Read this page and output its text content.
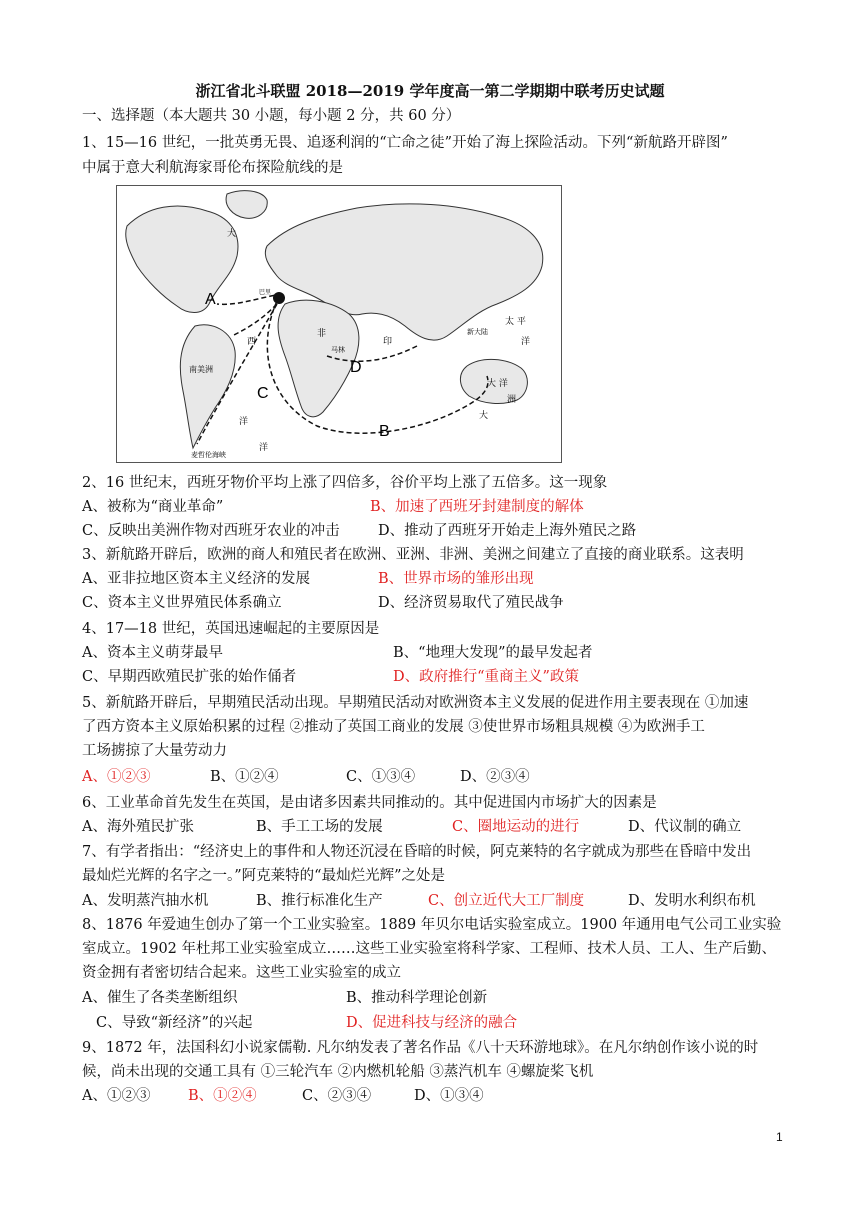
浙江省北斗联盟 2018—2019 学年度高一第二学期期中联考历史试题
一、选择题（本大题共 30 小题，每小题 2 分，共 60 分）
1、15—16 世纪，一批英勇无畏、追逐利润的“亡命之徒”开始了海上探险活动。下列“新航路开辟图”
中属于意大利航海家哥伦布探险航线的是
A
B
C
D
大
西
洋
南美洲
非
马林
印
太 平
洋
新大陆
大 洋
洲
大
洋
巴里
麦哲伦海峡
2、16 世纪末，西班牙物价平均上涨了四倍多，谷价平均上涨了五倍多。这一现象
A、被称为“商业革命”	B、加速了西班牙封建制度的解体
C、反映出美洲作物对西班牙农业的冲击	D、推动了西班牙开始走上海外殖民之路
3、新航路开辟后，欧洲的商人和殖民者在欧洲、亚洲、非洲、美洲之间建立了直接的商业联系。这表明
A、亚非拉地区资本主义经济的发展	B、世界市场的雏形出现
C、资本主义世界殖民体系确立	D、经济贸易取代了殖民战争
4、17—18 世纪，英国迅速崛起的主要原因是
A、资本主义萌芽最早	B、“地理大发现”的最早发起者
C、早期西欧殖民扩张的始作俑者	D、政府推行“重商主义”政策
5、新航路开辟后，早期殖民活动出现。早期殖民活动对欧洲资本主义发展的促进作用主要表现在 ①加速
了西方资本主义原始积累的过程 ②推动了英国工商业的发展 ③使世界市场粗具规模 ④为欧洲手工
工场掳掠了大量劳动力
A、①②③	B、①②④	C、①③④	D、②③④
6、工业革命首先发生在英国，是由诸多因素共同推动的。其中促进国内市场扩大的因素是
A、海外殖民扩张	B、手工工场的发展	C、圈地运动的进行	D、代议制的确立
7、有学者指出：“经济史上的事件和人物还沉浸在昏暗的时候，阿克莱特的名字就成为那些在昏暗中发出
最灿烂光辉的名字之一。”阿克莱特的“最灿烂光辉”之处是
A、发明蒸汽抽水机	B、推行标准化生产	C、创立近代大工厂制度	D、发明水利织布机
8、1876 年爱迪生创办了第一个工业实验室。1889 年贝尔电话实验室成立。1900 年通用电气公司工业实验
室成立。1902 年杜邦工业实验室成立……这些工业实验室将科学家、工程师、技术人员、工人、生产后勤、
资金拥有者密切结合起来。这些工业实验室的成立
A、催生了各类垄断组织	B、推动科学理论创新
C、导致“新经济”的兴起	D、促进科技与经济的融合
9、1872 年，法国科幻小说家儒勒. 凡尔纳发表了著名作品《八十天环游地球》。在凡尔纳创作该小说的时
候，尚未出现的交通工具有 ①三轮汽车 ②内燃机轮船 ③蒸汽机车 ④螺旋桨飞机
A、①②③	B、①②④	C、②③④	D、①③④
1
